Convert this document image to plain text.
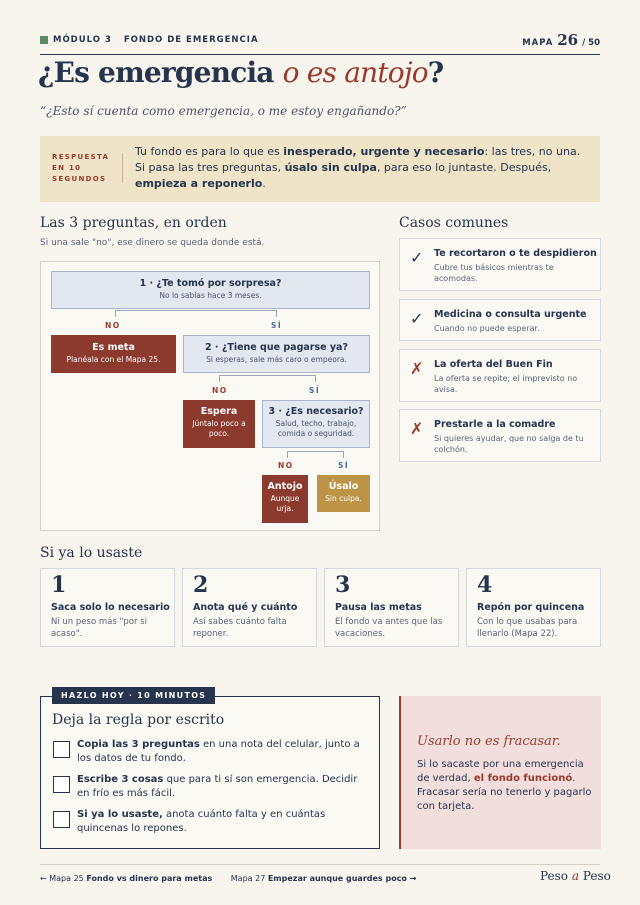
MÓDULO 3 FONDO DE EMERGENCIA	MAPA 26 / 50
¿Es emergencia o es antojo?
“¿Esto sí cuenta como emergencia, o me estoy engañando?”
RESPUESTA EN 10 SEGUNDOS
Tu fondo es para lo que es inesperado, urgente y necesario: las tres, no una. Si pasa las tres preguntas, úsalo sin culpa, para eso lo juntaste. Después, empieza a reponerlo.
Las 3 preguntas, en orden
Si una sale "no", ese dinero se queda donde está.
1 · ¿Te tomó por sorpresa?
No lo sabías hace 3 meses.
NO	SÍ
Es meta
Planéala con el Mapa 25.
2 · ¿Tiene que pagarse ya?
Si esperas, sale más caro o empeora.
NO	SÍ
Espera
Júntalo poco a poco.
3 · ¿Es necesario?
Salud, techo, trabajo, comida o seguridad.
NO	SÍ
Antojo
Aunque urja.
Úsalo
Sin culpa.
Casos comunes
✓ Te recortaron o te despidieron
Cubre tus básicos mientras te acomodas.
✓ Medicina o consulta urgente
Cuando no puede esperar.
✗ La oferta del Buen Fin
La oferta se repite; el imprevisto no avisa.
✗ Prestarle a la comadre
Si quieres ayudar, que no salga de tu colchón.
Si ya lo usaste
1
Saca solo lo necesario
Ni un peso más "por si acaso".
2
Anota qué y cuánto
Así sabes cuánto falta reponer.
3
Pausa las metas
El fondo va antes que las vacaciones.
4
Repón por quincena
Con lo que usabas para llenarlo (Mapa 22).
Copia las 3 preguntas en una nota del celular, junto a los datos de tu fondo.
Escribe 3 cosas que para ti sí son emergencia. Decidir en frío es más fácil.
Si ya lo usaste, anota cuánto falta y en cuántas quincenas lo repones.
HAZLO HOY · 10 MINUTOS
Deja la regla por escrito
Usarlo no es fracasar.
Si lo sacaste por una emergencia de verdad, el fondo funcionó. Fracasar sería no tenerlo y pagarlo con tarjeta.
← Mapa 25 Fondo vs dinero para metas Mapa 27 Empezar aunque guardes poco →	Peso a Peso
